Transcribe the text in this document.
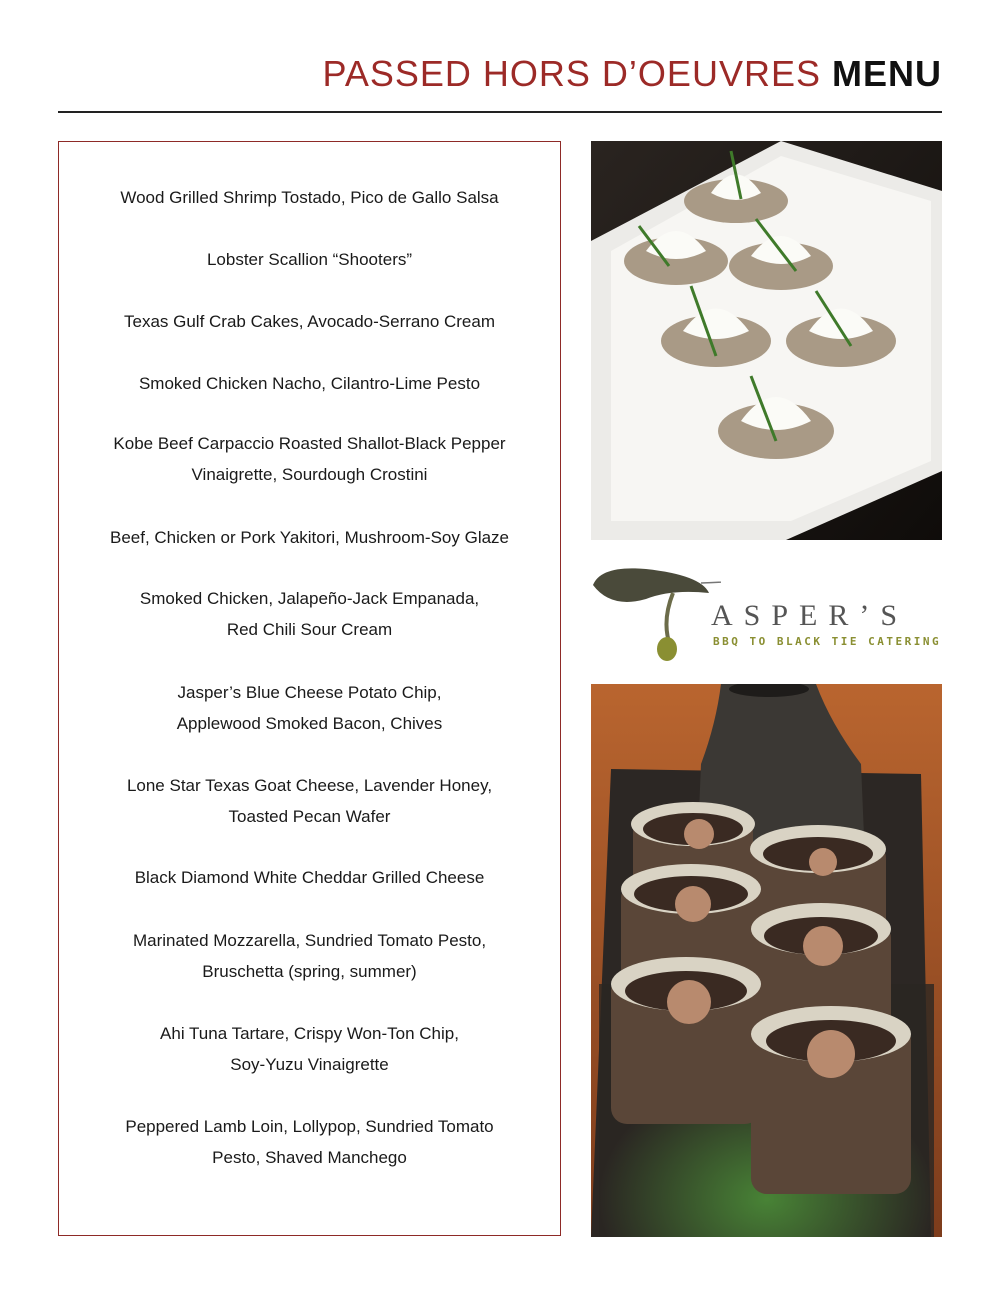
PASSED HORS D’OEUVRES MENU
Wood Grilled Shrimp Tostado, Pico de Gallo Salsa
Lobster Scallion “Shooters”
Texas Gulf Crab Cakes, Avocado-Serrano Cream
Smoked Chicken Nacho, Cilantro-Lime Pesto
Kobe Beef Carpaccio Roasted Shallot-Black Pepper
Vinaigrette, Sourdough Crostini
Beef, Chicken or Pork Yakitori, Mushroom-Soy Glaze
Smoked Chicken, Jalapeño-Jack Empanada,
Red Chili Sour Cream
Jasper’s Blue Cheese Potato Chip,
Applewood Smoked Bacon, Chives
Lone Star Texas Goat Cheese, Lavender Honey,
Toasted Pecan Wafer
Black Diamond White Cheddar Grilled Cheese
Marinated Mozzarella, Sundried Tomato Pesto,
Bruschetta (spring, summer)
Ahi Tuna Tartare, Crispy Won-Ton Chip,
Soy-Yuzu Vinaigrette
Peppered Lamb Loin, Lollypop, Sundried Tomato
Pesto, Shaved Manchego
ASPER’S
BBQ TO BLACK TIE CATERING
